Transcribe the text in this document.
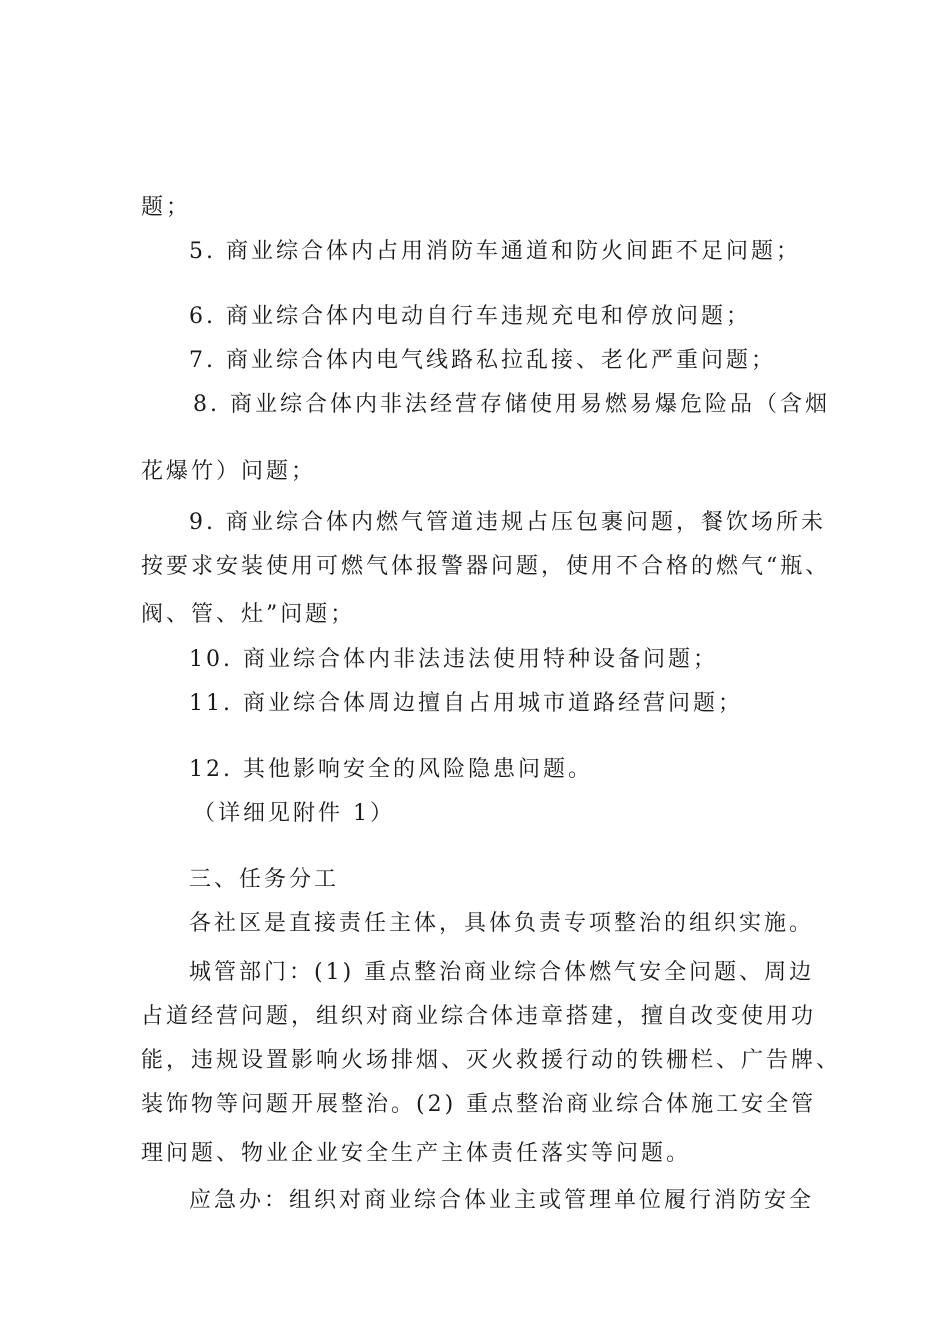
题；
5. 商业综合体内占用消防车通道和防火间距不足问题；
6. 商业综合体内电动自行车违规充电和停放问题；
7. 商业综合体内电气线路私拉乱接、老化严重问题；
8. 商业综合体内非法经营存储使用易燃易爆危险品（含烟
花爆竹）问题；
9. 商业综合体内燃气管道违规占压包裹问题，餐饮场所未
按要求安装使用可燃气体报警器问题，使用不合格的燃气“瓶、
阀、管、灶”问题；
10. 商业综合体内非法违法使用特种设备问题；
11. 商业综合体周边擅自占用城市道路经营问题；
12. 其他影响安全的风险隐患问题。
（详细见附件 1）
三、任务分工
各社区是直接责任主体，具体负责专项整治的组织实施。
城管部门：(1) 重点整治商业综合体燃气安全问题、周边
占道经营问题，组织对商业综合体违章搭建，擅自改变使用功
能，违规设置影响火场排烟、灭火救援行动的铁栅栏、广告牌、
装饰物等问题开展整治。(2) 重点整治商业综合体施工安全管
理问题、物业企业安全生产主体责任落实等问题。
应急办：组织对商业综合体业主或管理单位履行消防安全
